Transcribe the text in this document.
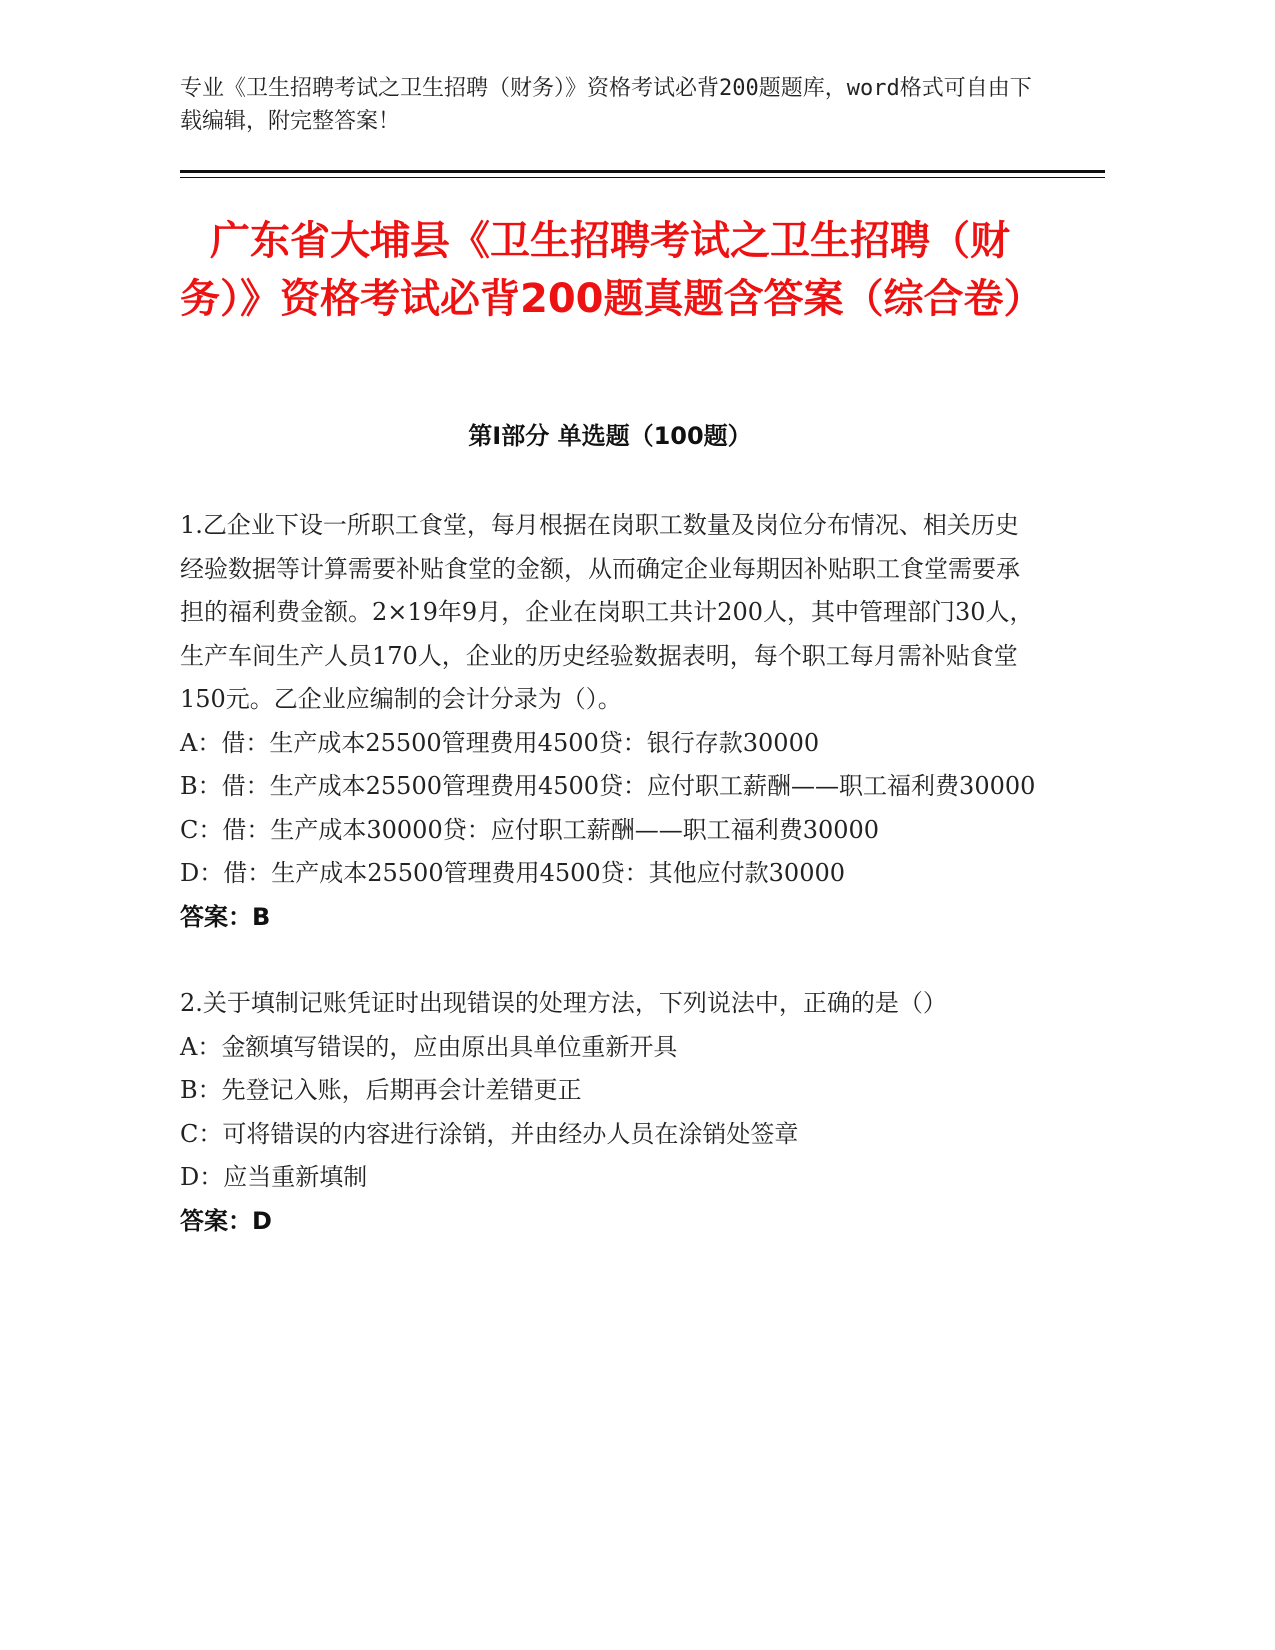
专业《卫生招聘考试之卫生招聘（财务）》资格考试必背200题题库，word格式可自由下载编辑，附完整答案！
广东省大埔县《卫生招聘考试之卫生招聘（财务）》资格考试必背200题真题含答案（综合卷）
第I部分 单选题（100题）

1.乙企业下设一所职工食堂，每月根据在岗职工数量及岗位分布情况、相关历史经验数据等计算需要补贴食堂的金额，从而确定企业每期因补贴职工食堂需要承担的福利费金额。2×19年9月，企业在岗职工共计200人，其中管理部门30人，生产车间生产人员170人，企业的历史经验数据表明，每个职工每月需补贴食堂150元。乙企业应编制的会计分录为（）。

A：借：生产成本25500管理费用4500贷：银行存款30000

B：借：生产成本25500管理费用4500贷：应付职工薪酬——职工福利费30000

C：借：生产成本30000贷：应付职工薪酬——职工福利费30000

D：借：生产成本25500管理费用4500贷：其他应付款30000

答案：B

2.关于填制记账凭证时出现错误的处理方法，下列说法中，正确的是（）

A：金额填写错误的，应由原出具单位重新开具

B：先登记入账，后期再会计差错更正

C：可将错误的内容进行涂销，并由经办人员在涂销处签章

D：应当重新填制

答案：D
